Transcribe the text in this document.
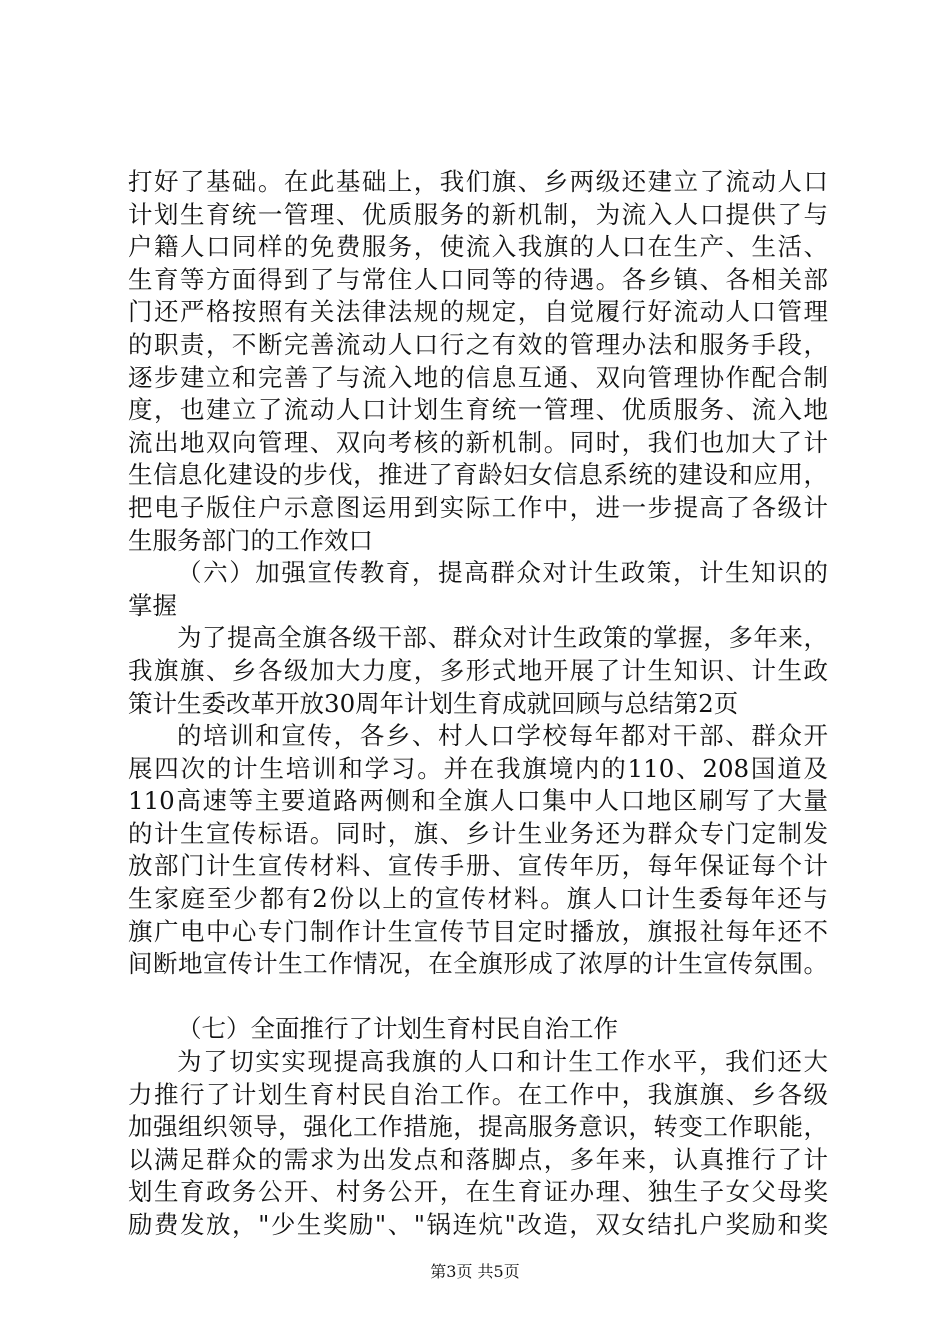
打好了基础。在此基础上，我们旗、乡两级还建立了流动人口
计划生育统一管理、优质服务的新机制，为流入人口提供了与
户籍人口同样的免费服务，使流入我旗的人口在生产、生活、
生育等方面得到了与常住人口同等的待遇。各乡镇、各相关部
门还严格按照有关法律法规的规定，自觉履行好流动人口管理
的职责，不断完善流动人口行之有效的管理办法和服务手段，
逐步建立和完善了与流入地的信息互通、双向管理协作配合制
度，也建立了流动人口计划生育统一管理、优质服务、流入地
流出地双向管理、双向考核的新机制。同时，我们也加大了计
生信息化建设的步伐，推进了育龄妇女信息系统的建设和应用，
把电子版住户示意图运用到实际工作中，进一步提高了各级计
生服务部门的工作效口
（六）加强宣传教育，提高群众对计生政策，计生知识的
掌握
为了提高全旗各级干部、群众对计生政策的掌握，多年来，
我旗旗、乡各级加大力度，多形式地开展了计生知识、计生政
策计生委改革开放30周年计划生育成就回顾与总结第2页
的培训和宣传，各乡、村人口学校每年都对干部、群众开
展四次的计生培训和学习。并在我旗境内的110、208国道及
110高速等主要道路两侧和全旗人口集中人口地区刷写了大量
的计生宣传标语。同时，旗、乡计生业务还为群众专门定制发
放部门计生宣传材料、宣传手册、宣传年历，每年保证每个计
生家庭至少都有2份以上的宣传材料。旗人口计生委每年还与
旗广电中心专门制作计生宣传节目定时播放，旗报社每年还不
间断地宣传计生工作情况，在全旗形成了浓厚的计生宣传氛围。
（七）全面推行了计划生育村民自治工作
为了切实实现提高我旗的人口和计生工作水平，我们还大
力推行了计划生育村民自治工作。在工作中，我旗旗、乡各级
加强组织领导，强化工作措施，提高服务意识，转变工作职能，
以满足群众的需求为出发点和落脚点，多年来，认真推行了计
划生育政务公开、村务公开，在生育证办理、独生子女父母奖
励费发放，"少生奖励"、"锅连炕"改造，双女结扎户奖励和奖
第3页 共5页
